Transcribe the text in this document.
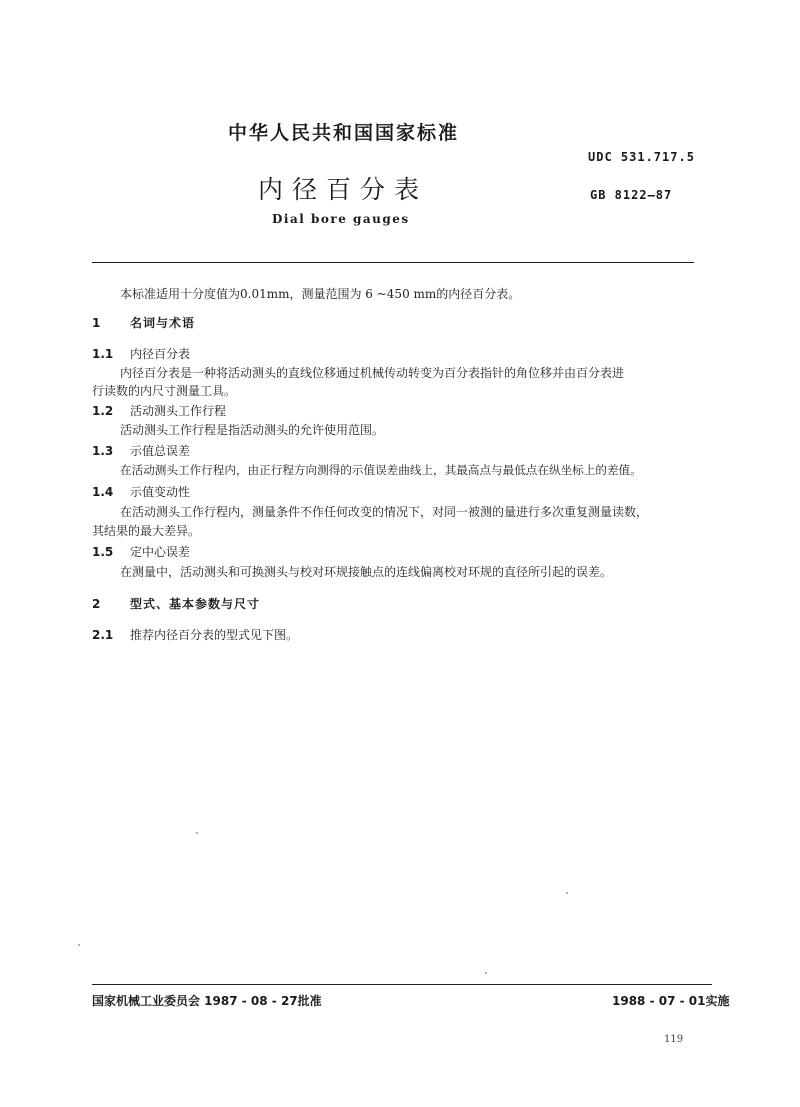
中华人民共和国国家标准
UDC 531.717.5
内径百分表	GB 8122—87
Dial bore gauges
本标准适用十分度值为0.01mm，测量范围为 6 ~450 mm的内径百分表。
1 名词与术语
1.1 内径百分表
内径百分表是一种将活动测头的直线位移通过机械传动转变为百分表指针的角位移并由百分表进
行读数的内尺寸测量工具。
1.2 活动测头工作行程
活动测头工作行程是指活动测头的允许使用范围。
1.3 示值总误差
在活动测头工作行程内，由正行程方向测得的示值误差曲线上，其最高点与最低点在纵坐标上的差值。
1.4 示值变动性
在活动测头工作行程内，测量条件不作任何改变的情况下，对同一被测的量进行多次重复测量读数，
其结果的最大差异。
1.5 定中心误差
在测量中，活动测头和可换测头与校对环规接触点的连线偏离校对环规的直径所引起的误差。
2 型式、基本参数与尺寸
2.1 推荐内径百分表的型式见下图。
国家机械工业委员会 1987 - 08 - 27批准	1988 - 07 - 01实施
119
